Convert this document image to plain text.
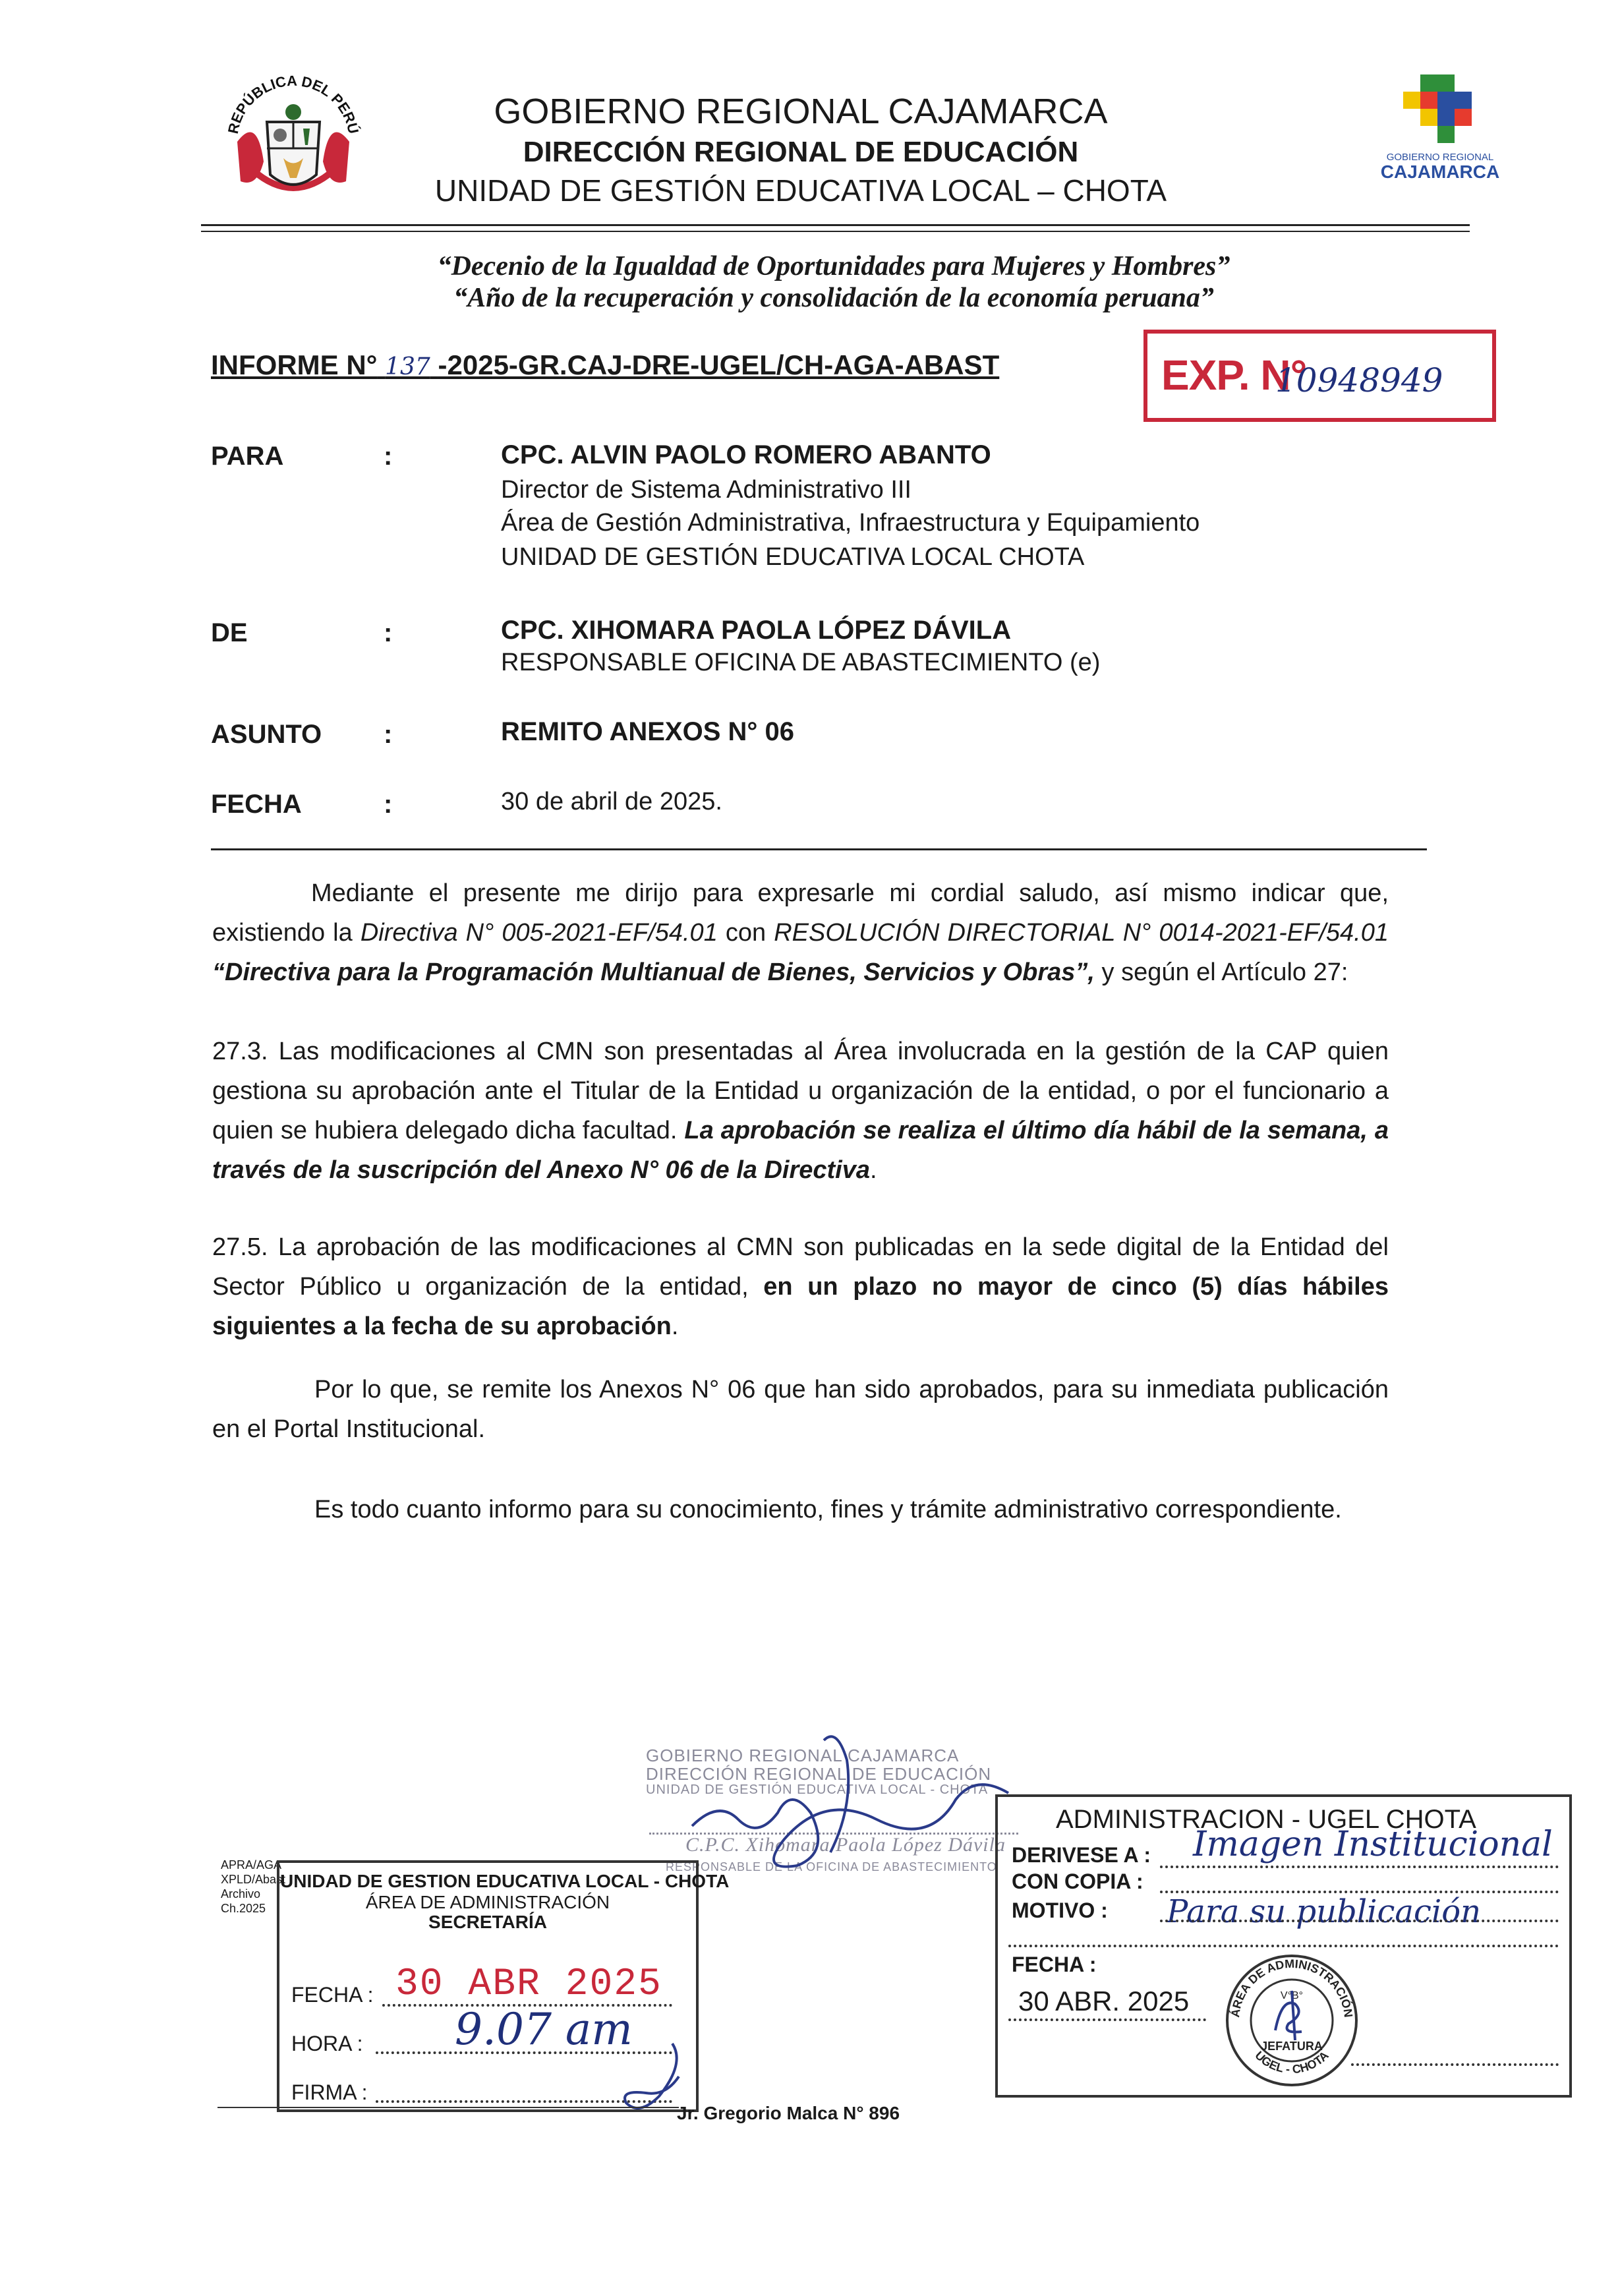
REPÚBLICA DEL PERÚ	GOBIERNO REGIONAL CAJAMARCA
DIRECCIÓN REGIONAL DE EDUCACIÓN
UNIDAD DE GESTIÓN EDUCATIVA LOCAL – CHOTA
GOBIERNO REGIONAL
CAJAMARCA
“Decenio de la Igualdad de Oportunidades para Mujeres y Hombres”
“Año de la recuperación y consolidación de la economía peruana”
INFORME N° 137 -2025-GR.CAJ-DRE-UGEL/CH-AGA-ABAST	EXP. N°
10948949
PARA	:	CPC. ALVIN PAOLO ROMERO ABANTO
Director de Sistema Administrativo III
Área de Gestión Administrativa, Infraestructura y Equipamiento
UNIDAD DE GESTIÓN EDUCATIVA LOCAL CHOTA
DE	:	CPC. XIHOMARA PAOLA LÓPEZ DÁVILA
RESPONSABLE OFICINA DE ABASTECIMIENTO (e)
ASUNTO :	REMITO ANEXOS N° 06
FECHA	:	30 de abril de 2025.
Mediante el presente me dirijo para expresarle mi cordial saludo, así mismo indicar que, existiendo la Directiva N° 005-2021-EF/54.01 con RESOLUCIÓN DIRECTORIAL N° 0014-2021-EF/54.01 “Directiva para la Programación Multianual de Bienes, Servicios y Obras”, y según el Artículo 27:
27.3. Las modificaciones al CMN son presentadas al Área involucrada en la gestión de la CAP quien gestiona su aprobación ante el Titular de la Entidad u organización de la entidad, o por el funcionario a quien se hubiera delegado dicha facultad. La aprobación se realiza el último día hábil de la semana, a través de la suscripción del Anexo N° 06 de la Directiva.
27.5. La aprobación de las modificaciones al CMN son publicadas en la sede digital de la Entidad del Sector Público u organización de la entidad, en un plazo no mayor de cinco (5) días hábiles siguientes a la fecha de su aprobación.
Por lo que, se remite los Anexos N° 06 que han sido aprobados, para su inmediata publicación en el Portal Institucional.
Es todo cuanto informo para su conocimiento, fines y trámite administrativo correspondiente.
GOBIERNO REGIONAL CAJAMARCA
DIRECCIÓN REGIONAL DE EDUCACIÓN
UNIDAD DE GESTIÓN EDUCATIVA LOCAL - CHOTA
C.P.C. Xihomara Paola López Dávila
RESPONSABLE DE LA OFICINA DE ABASTECIMIENTO
APRA/AGA
XPLD/Abast
Archivo
Ch.2025
UNIDAD DE GESTION EDUCATIVA LOCAL - CHOTA
ÁREA DE ADMINISTRACIÓN
SECRETARÍA
FECHA : 30 ABR 2025
HORA : 9.07 am
FIRMA :
ADMINISTRACION - UGEL CHOTA
DERIVESE A : Imagen Institucional
CON COPIA :
MOTIVO : Para su publicación
FECHA :
30 ABR. 2025	ÁREA DE ADMINISTRACIÓN
UGEL - CHOTA
V°B°
JEFATURA
Jr. Gregorio Malca N° 896
